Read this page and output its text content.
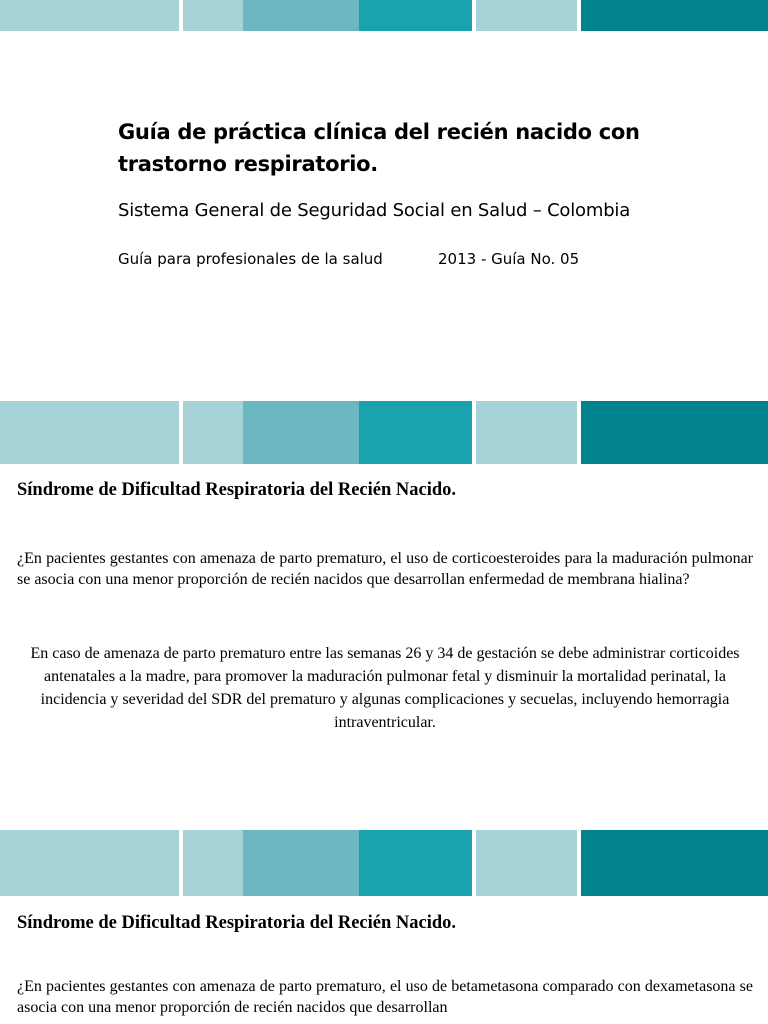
Guía de práctica clínica del recién nacido con trastorno respiratorio.
Sistema General de Seguridad Social en Salud – Colombia
Guía para profesionales de la salud	2013 - Guía No. 05
Síndrome de Dificultad Respiratoria del Recién Nacido.

¿En pacientes gestantes con amenaza de parto prematuro, el uso de corticoesteroides para la maduración pulmonar se asocia con una menor proporción de recién nacidos que desarrollan enfermedad de membrana hialina?

En caso de amenaza de parto prematuro entre las semanas 26 y 34 de gestación se debe administrar corticoides antenatales a la madre, para promover la maduración pulmonar fetal y disminuir la mortalidad perinatal, la incidencia y severidad del SDR del prematuro y algunas complicaciones y secuelas, incluyendo hemorragia intraventricular.

Síndrome de Dificultad Respiratoria del Recién Nacido.

¿En pacientes gestantes con amenaza de parto prematuro, el uso de betametasona comparado con dexametasona se asocia con una menor proporción de recién nacidos que desarrollan
